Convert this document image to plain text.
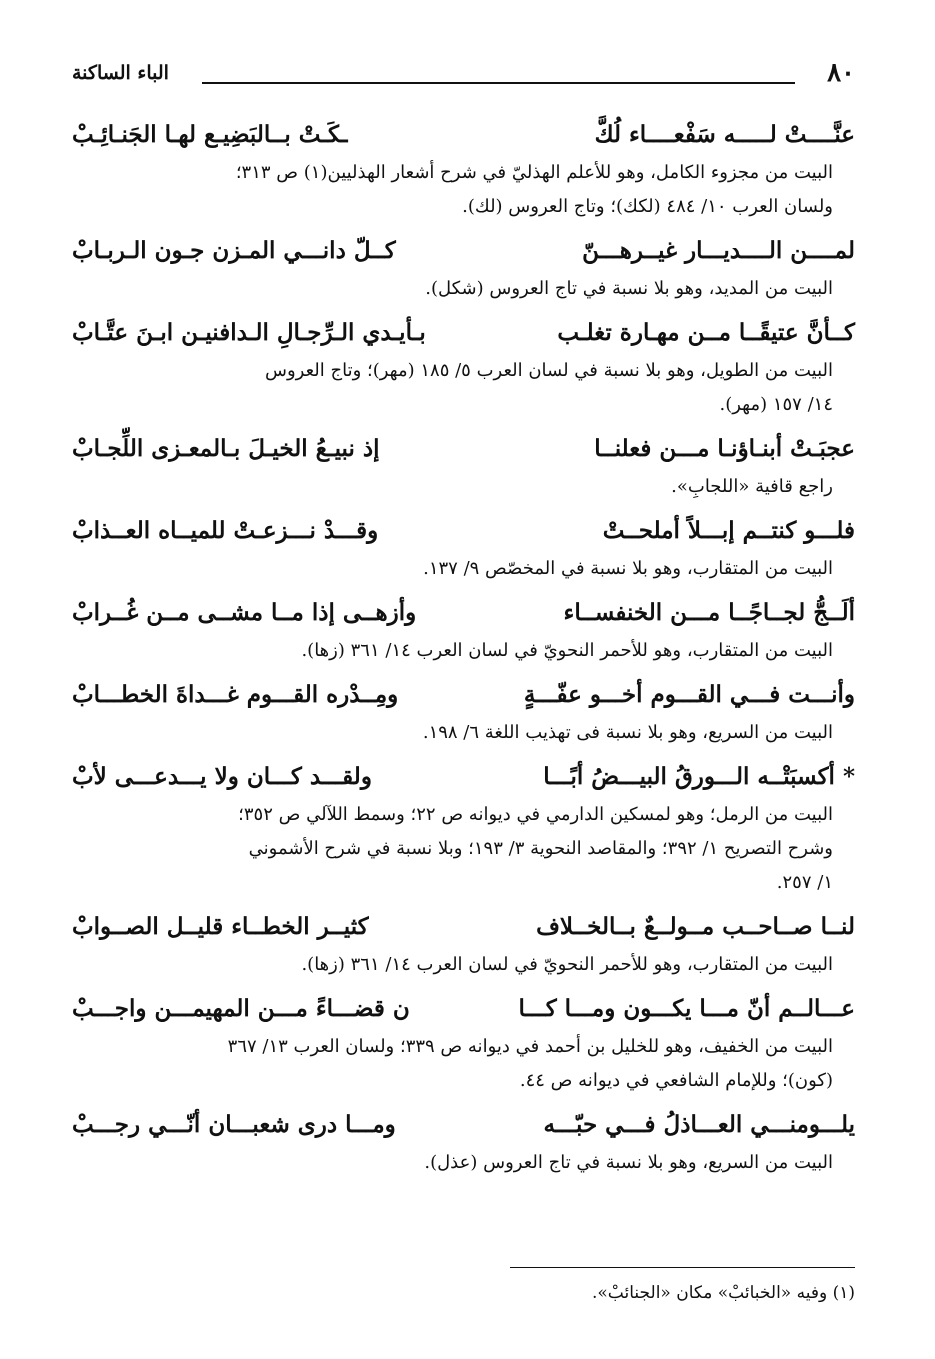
٨٠
الباء الساكنة
عنَّــــتْ لـــــه سَفْعــــاء لُكَّ
ـكَـتْ بــالبَضِيـع لهـا الجَنـائِـبْ
البيت من مجزوء الكامل، وهو للأعلم الهذليّ في شرح أشعار الهذليين(١) ص ٣١٣؛
ولسان العرب ١٠/ ٤٨٤ (لكك)؛ وتاج العروس (لك).
لمــــن الــــديـــار غيــرهـــنّ
كــلّ دانـــي المـزن جـون الـربـابْ
البيت من المديد، وهو بلا نسبة في تاج العروس (شكل).
كــأنَّ عتيقًــا مــن مهـارة تغلـب
بـأيـدي الـرِّجـالِ الـدافنيـن ابـنَ عتَّـابْ
البيت من الطويل، وهو بلا نسبة في لسان العرب ٥/ ١٨٥ (مهر)؛ وتاج العروس
١٤/ ١٥٧ (مهر).
عجبَـتْ أبنـاؤنـا مـــن فعلنــا
إذ نبيـعُ الخيـلَ بـالمعـزى اللِّجـابْ
راجع قافية «اللجابِ».
فلـــو كنتــم إبـــلاً أملحــتْ
وقـــدْ نـــزعـتْ للميــاه العــذابْ
البيت من المتقارب، وهو بلا نسبة في المخصّص ٩/ ١٣٧.
ألَــجُّ لجــاجًــا مـــن الخنفســاء
وأزهــى إذا مــا مشــى مــن غُــرابْ
البيت من المتقارب، وهو للأحمر النحويّ في لسان العرب ١٤/ ٣٦١ (زها).
وأنـــت فـــي القـــوم أخـــو عفّـــةٍ
ومِــدْره القـــوم غـــداةَ الخطـــابْ
البيت من السريع، وهو بلا نسبة فى تهذيب اللغة ٦/ ١٩٨.
* أكسبَتْــه الـــورقُ البيـــضُ أبًـــا
ولقـــد كـــان ولا يـــدعـــى لأبْ
البيت من الرمل؛ وهو لمسكين الدارمي في ديوانه ص ٢٢؛ وسمط اللآلي ص ٣٥٢؛
وشرح التصريح ١/ ٣٩٢؛ والمقاصد النحوية ٣/ ١٩٣؛ وبلا نسبة في شرح الأشموني
١/ ٢٥٧.
لنــا صــاحــب مــولــعٌ بــالخــلاف
كثيــر الخطــاء قليــل الصــوابْ
البيت من المتقارب، وهو للأحمر النحويّ في لسان العرب ١٤/ ٣٦١ (زها).
عـــالــم أنّ مـــا يكـــون ومـــا كـــا
ن قضـــاءً مـــن المهيمـــن واجـــبْ
البيت من الخفيف، وهو للخليل بن أحمد في ديوانه ص ٣٣٩؛ ولسان العرب ١٣/ ٣٦٧
(كون)؛ وللإمام الشافعي في ديوانه ص ٤٤.
يلـــومنـــي العـــاذلُ فـــي حبّـــه
ومـــا درى شعبـــان أنّـــي رجـــبْ
البيت من السريع، وهو بلا نسبة في تاج العروس (عذل).
(١) وفيه «الخبائبْ» مكان «الجنائبْ».
